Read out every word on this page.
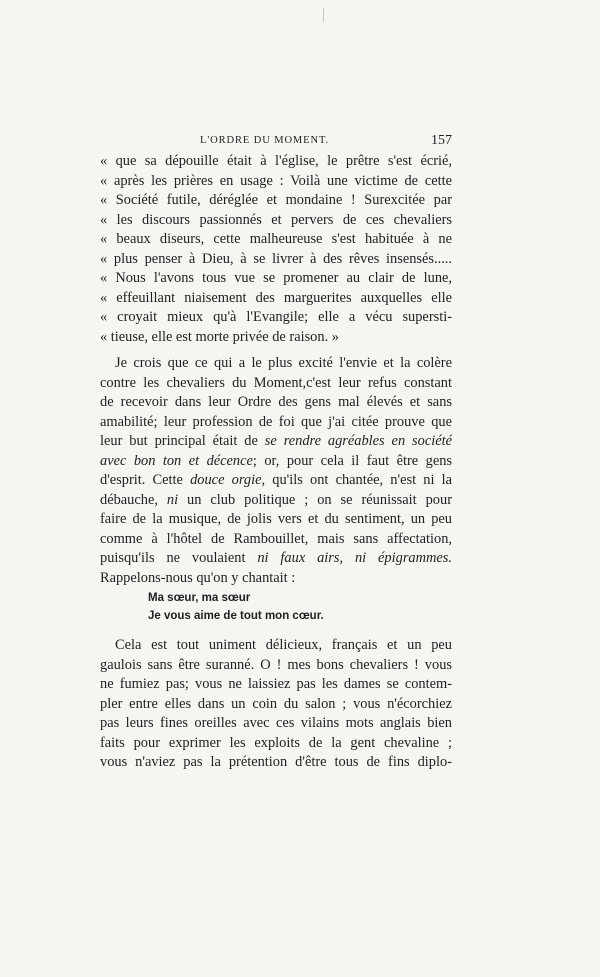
L'ORDRE DU MOMENT.	157
« que sa dépouille était à l'église, le prêtre s'est écrié,
« après les prières en usage : Voilà une victime de cette
« Société futile, déréglée et mondaine ! Surexcitée par
« les discours passionnés et pervers de ces chevaliers
« beaux diseurs, cette malheureuse s'est habituée à ne
« plus penser à Dieu, à se livrer à des rêves insensés.....
« Nous l'avons tous vue se promener au clair de lune,
« effeuillant niaisement des marguerites auxquelles elle
« croyait mieux qu'à l'Evangile; elle a vécu supersti-
« tieuse, elle est morte privée de raison. »
Je crois que ce qui a le plus excité l'envie et la colère
contre les chevaliers du Moment,c'est leur refus constant
de recevoir dans leur Ordre des gens mal élevés et sans
amabilité; leur profession de foi que j'ai citée prouve que
leur but principal était de se rendre agréables en société
avec bon ton et décence; or, pour cela il faut être gens
d'esprit. Cette douce orgie, qu'ils ont chantée, n'est ni la
débauche, ni un club politique ; on se réunissait pour
faire de la musique, de jolis vers et du sentiment, un peu
comme à l'hôtel de Rambouillet, mais sans affectation,
puisqu'ils ne voulaient ni faux airs, ni épigrammes.
Rappelons-nous qu'on y chantait :
Ma sœur, ma sœur
Je vous aime de tout mon cœur.
Cela est tout uniment délicieux, français et un peu
gaulois sans être suranné. O ! mes bons chevaliers ! vous
ne fumiez pas; vous ne laissiez pas les dames se contem-
pler entre elles dans un coin du salon ; vous n'écorchiez
pas leurs fines oreilles avec ces vilains mots anglais bien
faits pour exprimer les exploits de la gent chevaline ;
vous n'aviez pas la prétention d'être tous de fins diplo-
